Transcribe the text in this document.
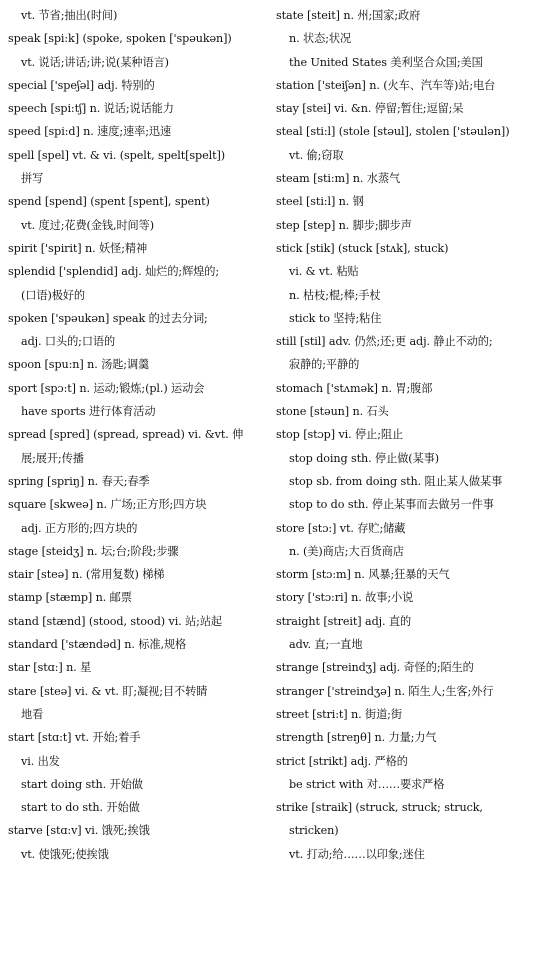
vt. 节省;抽出(时间)
speak [spi:k] (spoke, spoken ['spəukən])
vt. 说话;讲话;讲;说(某种语言)
special ['speʃəl] adj. 特别的
speech [spi:tʃ] n. 说话;说话能力
speed [spi:d] n. 速度;速率;迅速
spell [spel] vt. & vi. (spelt, spelt[spelt])
拼写
spend [spend] (spent [spent], spent)
vt. 度过;花费(金钱,时间等)
spirit ['spirit] n. 妖怪;精神
splendid ['splendid] adj. 灿烂的;辉煌的;
(口语)极好的
spoken ['spəukən] speak 的过去分词;
adj. 口头的;口语的
spoon [spu:n] n. 汤匙;调羹
sport [spɔ:t] n. 运动;锻炼;(pl.) 运动会
have sports 进行体育活动
spread [spred] (spread, spread) vi. &vt. 伸
展;展开;传播
spring [spriŋ] n. 春天;春季
square [skweə] n. 广场;正方形;四方块
adj. 正方形的;四方块的
stage [steidʒ] n. 坛;台;阶段;步骤
stair [steə] n. (常用复数) 梯梯
stamp [stæmp] n. 邮票
stand [stænd] (stood, stood) vi. 站;站起
standard ['stændəd] n. 标准,规格
star [stɑ:] n. 星
stare [steə] vi. & vt. 盯;凝视;目不转睛
地看
start [stɑ:t] vt. 开始;着手
vi. 出发
start doing sth. 开始做
start to do sth. 开始做
starve [stɑ:v] vi. 饿死;挨饿
vt. 使饿死;使挨饿
state [steit] n. 州;国家;政府
n. 状态;状况
the United States 美利坚合众国;美国
station ['steiʃən] n. (火车、汽车等)站;电台
stay [stei] vi. &n. 停留;暂住;逗留;呆
steal [sti:l] (stole [stəul], stolen ['stəulən])
vt. 偷;窃取
steam [sti:m] n. 水蒸气
steel [sti:l] n. 钢
step [step] n. 脚步;脚步声
stick [stik] (stuck [stʌk], stuck)
vi. & vt. 粘贴
n. 枯枝;棍;棒;手杖
stick to 坚持;粘住
still [stil] adv. 仍然;还;更 adj. 静止不动的;
寂静的;平静的
stomach ['stʌmək] n. 胃;腹部
stone [stəun] n. 石头
stop [stɔp] vi. 停止;阻止
stop doing sth. 停止做(某事)
stop sb. from doing sth. 阻止某人做某事
stop to do sth. 停止某事而去做另一件事
store [stɔ:] vt. 存贮;储藏
n. (美)商店;大百货商店
storm [stɔ:m] n. 风暴;狂暴的天气
story ['stɔ:ri] n. 故事;小说
straight [streit] adj. 直的
adv. 直;一直地
strange [streindʒ] adj. 奇怪的;陌生的
stranger ['streindʒə] n. 陌生人;生客;外行
street [stri:t] n. 街道;街
strength [streŋθ] n. 力量;力气
strict [strikt] adj. 严格的
be strict with 对……要求严格
strike [straik] (struck, struck; struck,
stricken)
vt. 打动;给……以印象;迷住
